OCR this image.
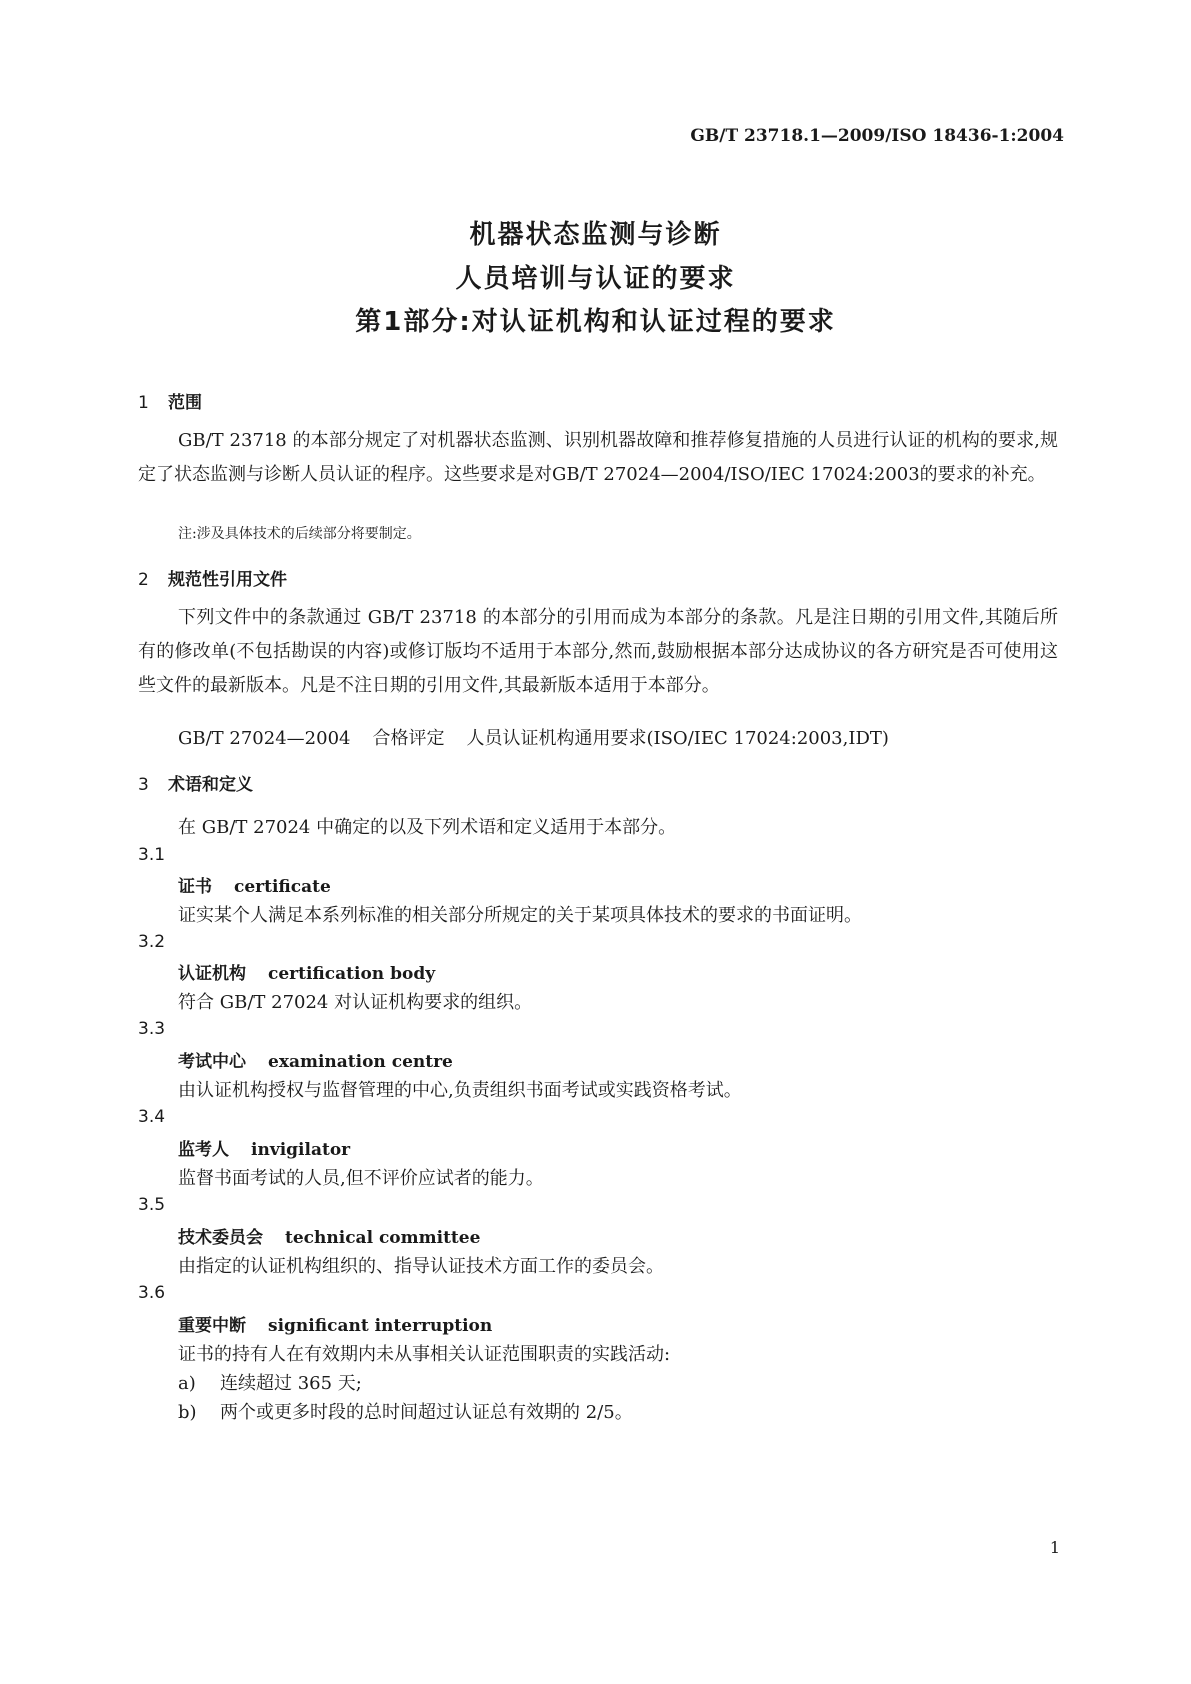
GB/T 23718.1—2009/ISO 18436-1:2004
机器状态监测与诊断
人员培训与认证的要求
第1部分:对认证机构和认证过程的要求
1 范围
GB/T 23718 的本部分规定了对机器状态监测、识别机器故障和推荐修复措施的人员进行认证的机构的要求,规定了状态监测与诊断人员认证的程序。这些要求是对GB/T 27024—2004/ISO/IEC 17024:2003的要求的补充。
注:涉及具体技术的后续部分将要制定。
2 规范性引用文件
下列文件中的条款通过 GB/T 23718 的本部分的引用而成为本部分的条款。凡是注日期的引用文件,其随后所有的修改单(不包括勘误的内容)或修订版均不适用于本部分,然而,鼓励根据本部分达成协议的各方研究是否可使用这些文件的最新版本。凡是不注日期的引用文件,其最新版本适用于本部分。
GB/T 27024—2004 合格评定 人员认证机构通用要求(ISO/IEC 17024:2003,IDT)
3 术语和定义
在 GB/T 27024 中确定的以及下列术语和定义适用于本部分。
3.1
证书 certificate
证实某个人满足本系列标准的相关部分所规定的关于某项具体技术的要求的书面证明。
3.2
认证机构 certification body
符合 GB/T 27024 对认证机构要求的组织。
3.3
考试中心 examination centre
由认证机构授权与监督管理的中心,负责组织书面考试或实践资格考试。
3.4
监考人 invigilator
监督书面考试的人员,但不评价应试者的能力。
3.5
技术委员会 technical committee
由指定的认证机构组织的、指导认证技术方面工作的委员会。
3.6
重要中断 significant interruption
证书的持有人在有效期内未从事相关认证范围职责的实践活动:
a) 连续超过 365 天;
b) 两个或更多时段的总时间超过认证总有效期的 2/5。
1
